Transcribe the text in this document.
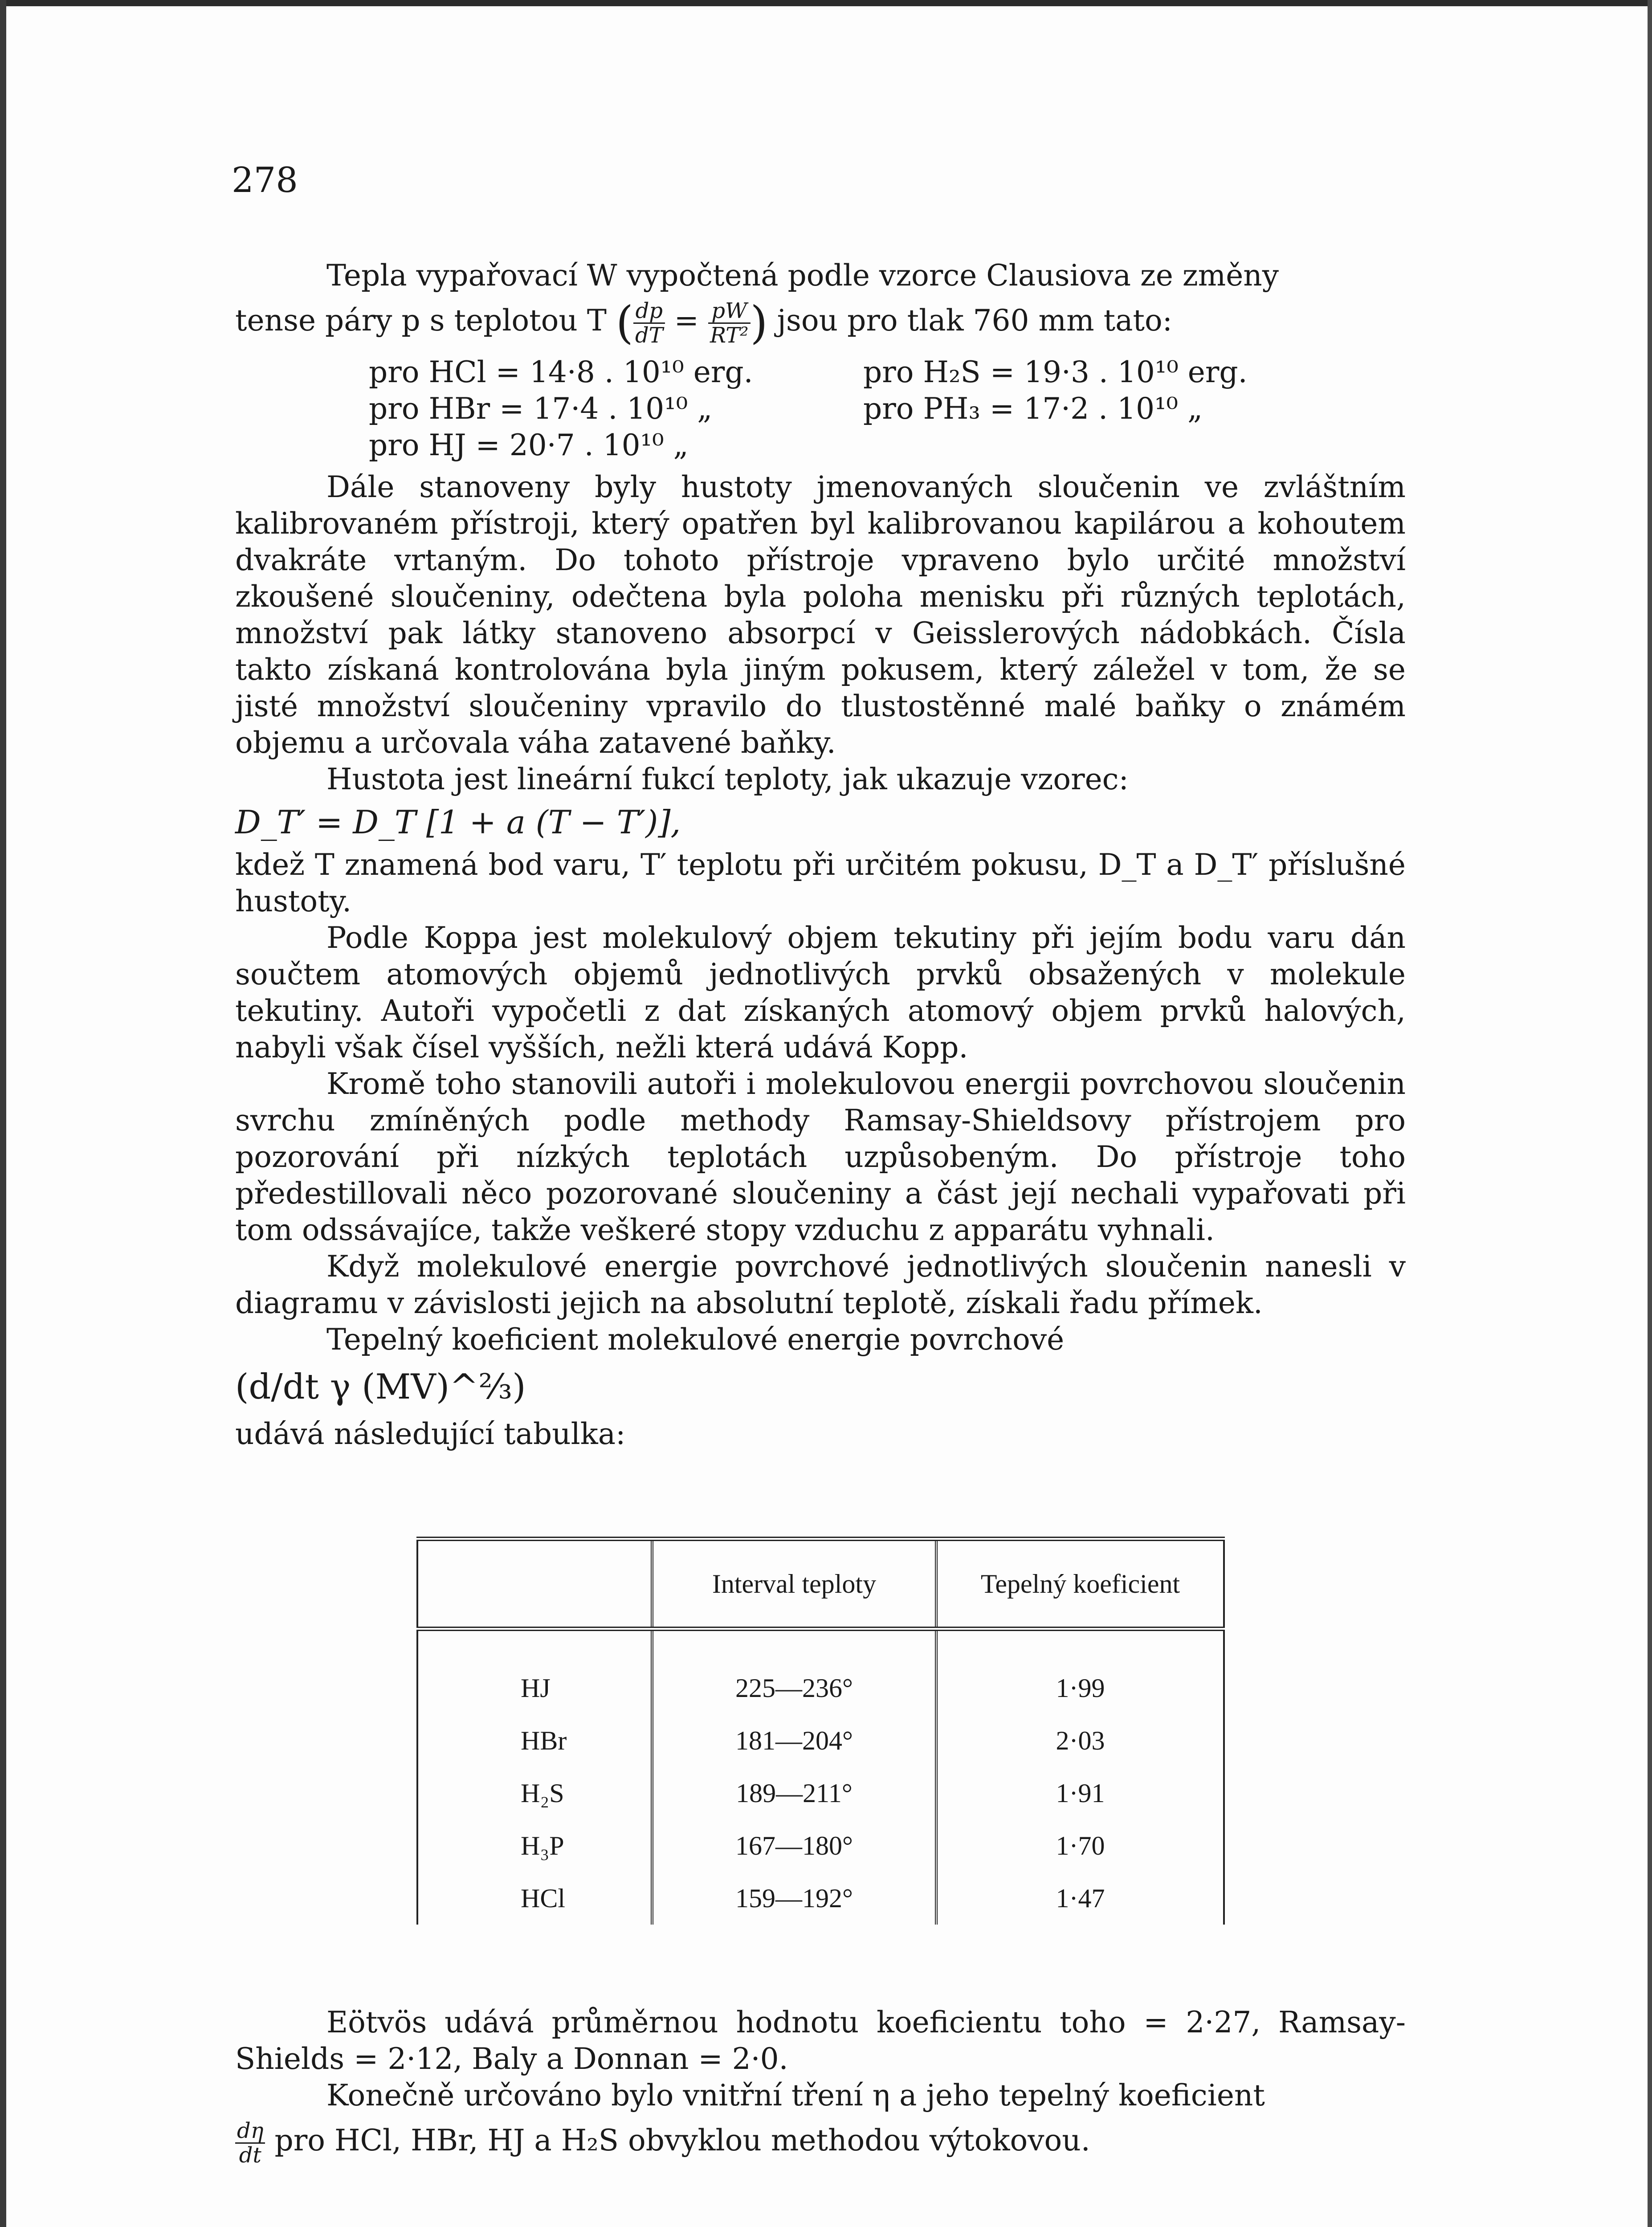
278

Tepla vypařovací W vypočtená podle vzorce Clausiova ze změny

tense páry p s teplotou T ( $\frac{dp}{dT} = \frac{pW}{\text{RT²}}$ ) jsou pro tlak 760 mm tato:

pro HCl = 14·8 . 10¹⁰ erg.	pro H₂S = 19·3 . 10¹⁰ erg.
pro HBr = 17·4 . 10¹⁰ „	pro PH₃ = 17·2 . 10¹⁰ „
pro HJ = 20·7 . 10¹⁰ „

Dále stanoveny byly hustoty jmenovaných sloučenin ve zvláštním kalibrovaném přístroji, který opatřen byl kalibrovanou kapilárou a kohoutem dvakráte vrtaným. Do tohoto přístroje vpraveno bylo určité množství zkoušené sloučeniny, odečtena byla poloha menisku při různých teplotách, množství pak látky stanoveno absorpcí v Geisslerových nádobkách. Čísla takto získaná kontrolována byla jiným pokusem, který záležel v tom, že se jisté množství sloučeniny vpravilo do tlustostěnné malé baňky o známém objemu a určovala váha zatavené baňky.

Hustota jest lineární fukcí teploty, jak ukazuje vzorec:

D_T′ = D_T [1 + a (T − T′)],

kdež T znamená bod varu, T′ teplotu při určitém pokusu, D_T a D_T′ příslušné hustoty.

Podle Koppa jest molekulový objem tekutiny při jejím bodu varu dán součtem atomových objemů jednotlivých prvků obsažených v molekule tekutiny. Autoři vypočetli z dat získaných atomový objem prvků halových, nabyli však čísel vyšších, nežli která udává Kopp.

Kromě toho stanovili autoři i molekulovou energii povrchovou sloučenin svrchu zmíněných podle methody Ramsay-Shieldsovy přístrojem pro pozorování při nízkých teplotách uzpůsobeným. Do přístroje toho předestillovali něco pozorované sloučeniny a část její nechali vypařovati při tom odssávajíce, takže veškeré stopy vzduchu z apparátu vyhnali.

Když molekulové energie povrchové jednotlivých sloučenin nanesli v diagramu v závislosti jejich na absolutní teplotě, získali řadu přímek.

Tepelný koeficient molekulové energie povrchové

(d/dt γ (MV)^⅔)

udává následující tabulka:

	Interval teploty	Tepelný koeficient
HJ	225—236°	1·99
HBr	181—204°	2·03
H₂S	189—211°	1·91
H₃P	167—180°	1·70
HCl	159—192°	1·47

Eötvös udává průměrnou hodnotu koeficientu toho = 2·27, Ramsay-Shields = 2·12, Baly a Donnan = 2·0.

Konečně určováno bylo vnitřní tření η a jeho tepelný koeficient

$\frac{d\eta}{dt}$ pro HCl, HBr, HJ a H₂S obvyklou methodou výtokovou.
